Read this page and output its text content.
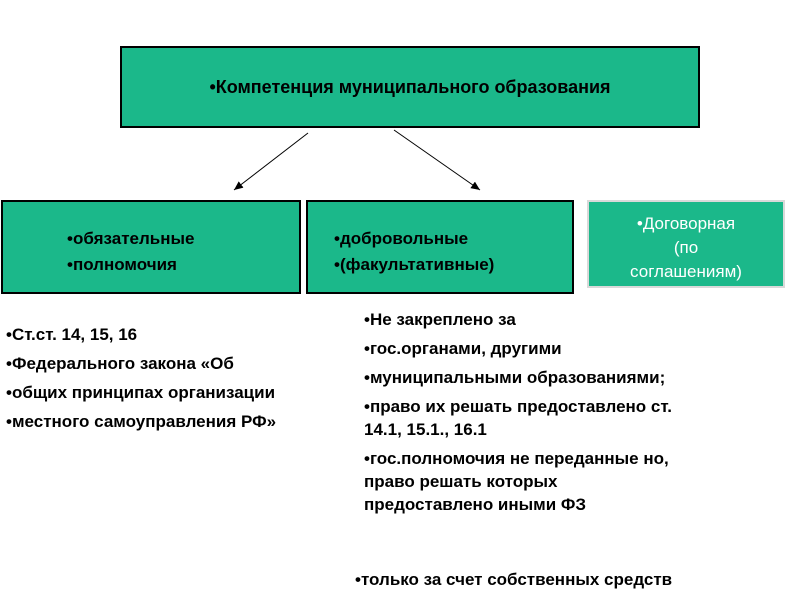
•Компетенция муниципального образования
•обязательные
•полномочия
•добровольные
•(факультативные)
•Договорная
(по
соглашениям)
•Ст.ст. 14, 15, 16
•Федерального закона «Об
•общих принципах организации
•местного самоуправления РФ»
•Не закреплено за
•гос.органами, другими
•муниципальными образованиями;
•право их решать предоставлено ст.
14.1, 15.1., 16.1
•гос.полномочия не переданные но,
право решать которых
предоставлено иными ФЗ
•только за счет собственных средств
